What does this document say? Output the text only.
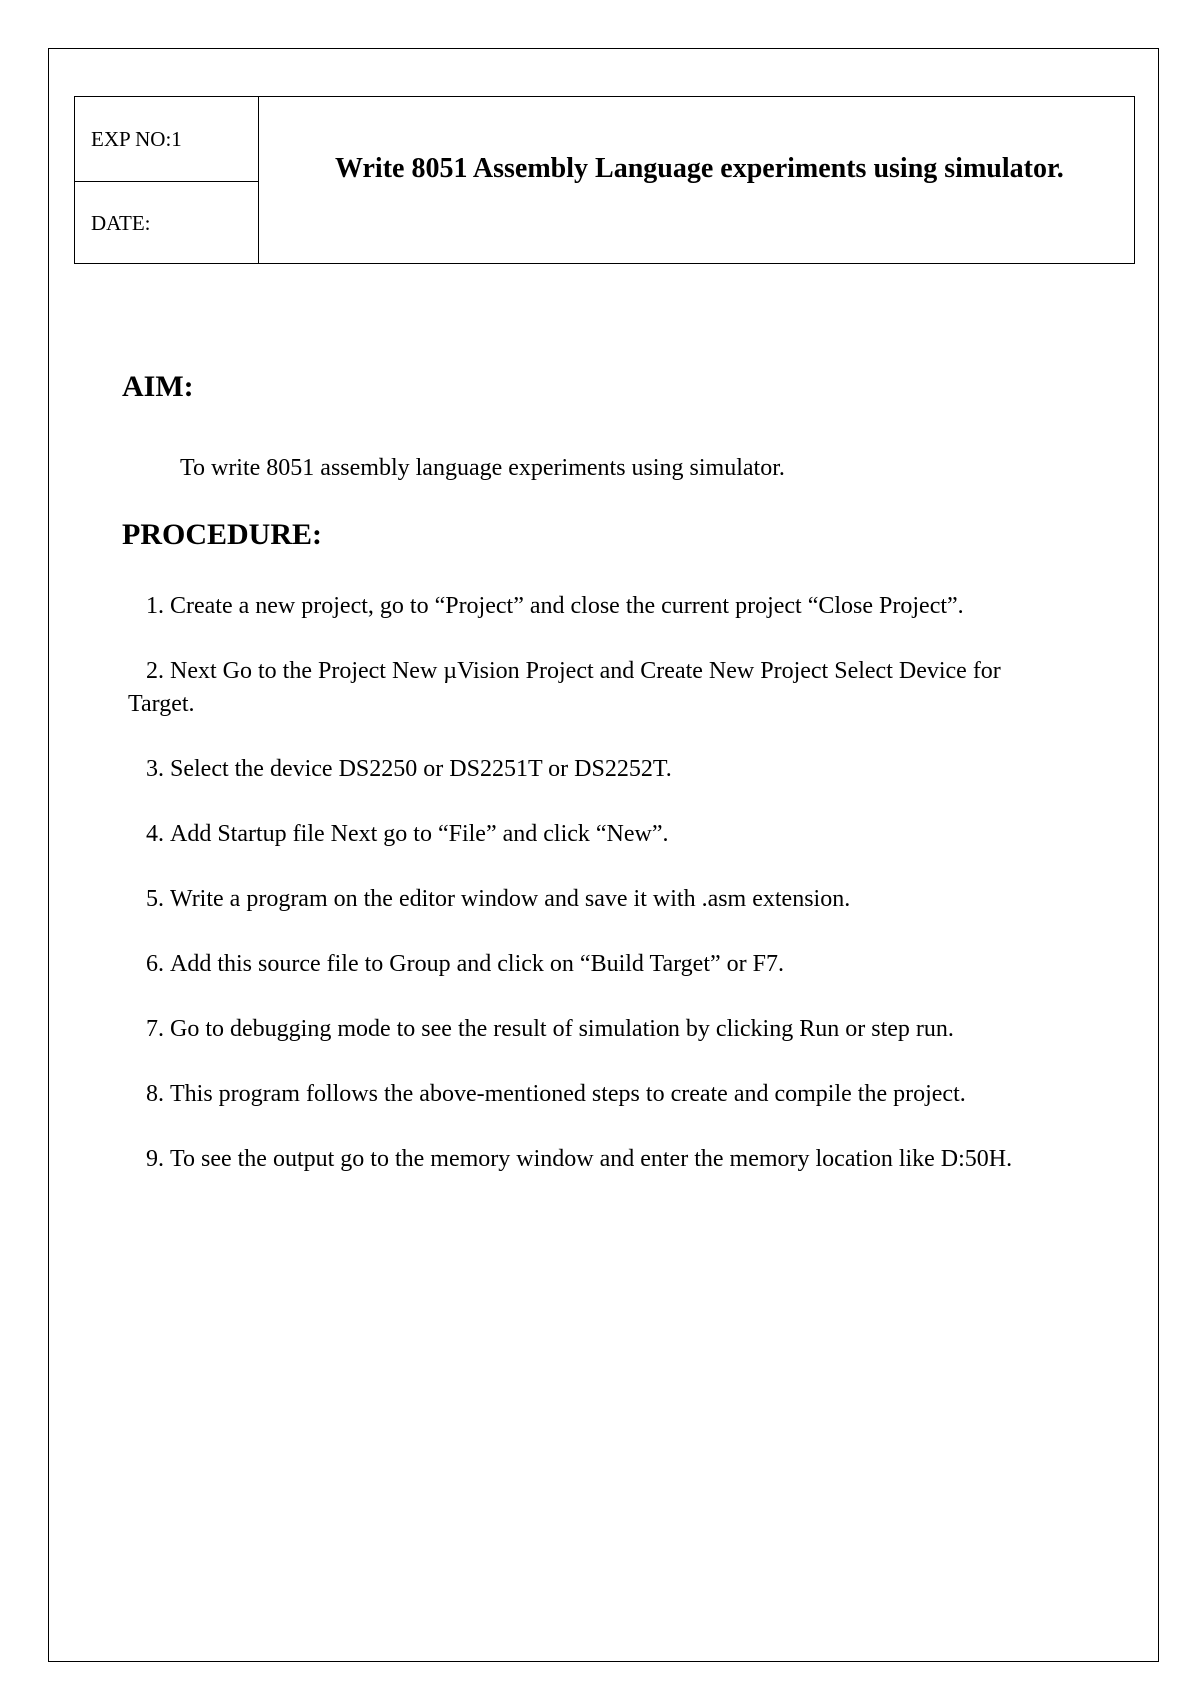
EXP NO:1
DATE:
Write 8051 Assembly Language experiments using simulator.
AIM:
To write 8051 assembly language experiments using simulator.
PROCEDURE:
1. Create a new project, go to “Project” and close the current project “Close Project”.
2. Next Go to the Project New µVision Project and Create New Project Select Device for Target.
3. Select the device DS2250 or DS2251T or DS2252T.
4. Add Startup file Next go to “File” and click “New”.
5. Write a program on the editor window and save it with .asm extension.
6. Add this source file to Group and click on “Build Target” or F7.
7. Go to debugging mode to see the result of simulation by clicking Run or step run.
8. This program follows the above-mentioned steps to create and compile the project.
9. To see the output go to the memory window and enter the memory location like D:50H.
